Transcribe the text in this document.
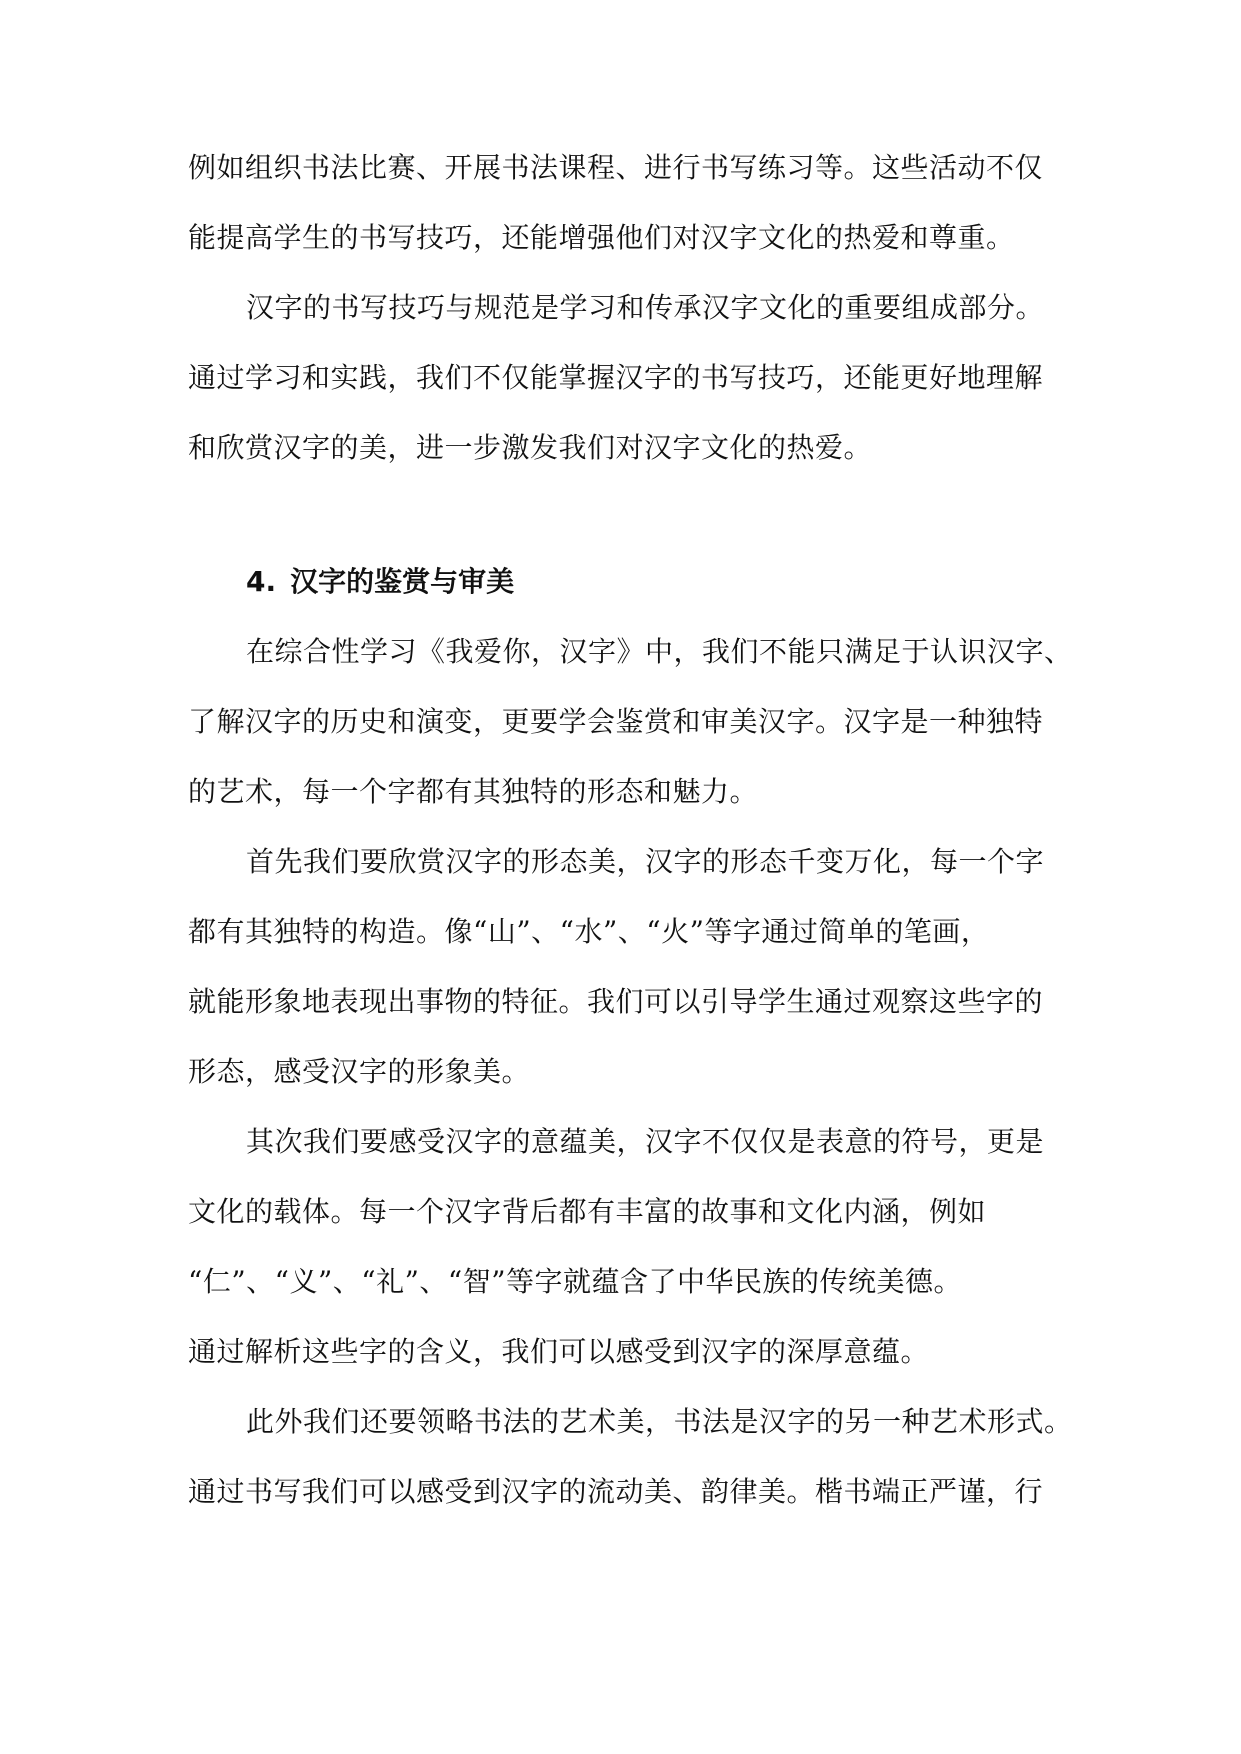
例如组织书法比赛、开展书法课程、进行书写练习等。这些活动不仅
能提高学生的书写技巧，还能增强他们对汉字文化的热爱和尊重。
汉字的书写技巧与规范是学习和传承汉字文化的重要组成部分。
通过学习和实践，我们不仅能掌握汉字的书写技巧，还能更好地理解
和欣赏汉字的美，进一步激发我们对汉字文化的热爱。
4. 汉字的鉴赏与审美
在综合性学习《我爱你，汉字》中，我们不能只满足于认识汉字、
了解汉字的历史和演变，更要学会鉴赏和审美汉字。汉字是一种独特
的艺术，每一个字都有其独特的形态和魅力。
首先我们要欣赏汉字的形态美，汉字的形态千变万化，每一个字
都有其独特的构造。像“山”、“水”、“火”等字通过简单的笔画，
就能形象地表现出事物的特征。我们可以引导学生通过观察这些字的
形态，感受汉字的形象美。
其次我们要感受汉字的意蕴美，汉字不仅仅是表意的符号，更是
文化的载体。每一个汉字背后都有丰富的故事和文化内涵，例如
“仁”、“义”、“礼”、“智”等字就蕴含了中华民族的传统美德。
通过解析这些字的含义，我们可以感受到汉字的深厚意蕴。
此外我们还要领略书法的艺术美，书法是汉字的另一种艺术形式。
通过书写我们可以感受到汉字的流动美、韵律美。楷书端正严谨，行
